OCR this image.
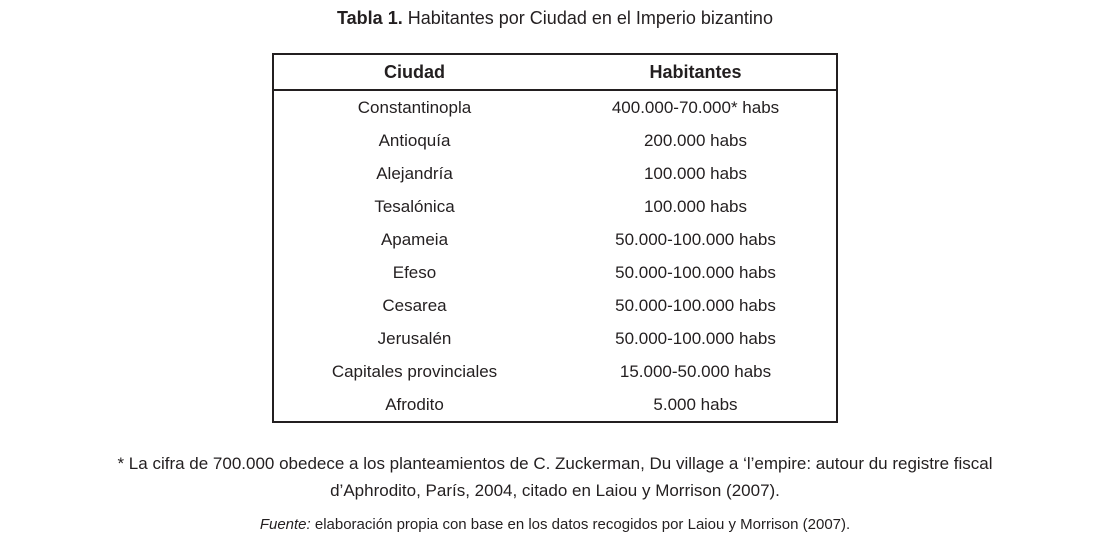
Tabla 1. Habitantes por Ciudad en el Imperio bizantino
Ciudad	Habitantes
Constantinopla	400.000-70.000* habs
Antioquía	200.000 habs
Alejandría	100.000 habs
Tesalónica	100.000 habs
Apameia	50.000-100.000 habs
Efeso	50.000-100.000 habs
Cesarea	50.000-100.000 habs
Jerusalén	50.000-100.000 habs
Capitales provinciales	15.000-50.000 habs
Afrodito	5.000 habs
* La cifra de 700.000 obedece a los planteamientos de C. Zuckerman, Du village a ‘l’empire: autour du registre fiscal
d’Aphrodito, París, 2004, citado en Laiou y Morrison (2007).
Fuente: elaboración propia con base en los datos recogidos por Laiou y Morrison (2007).
